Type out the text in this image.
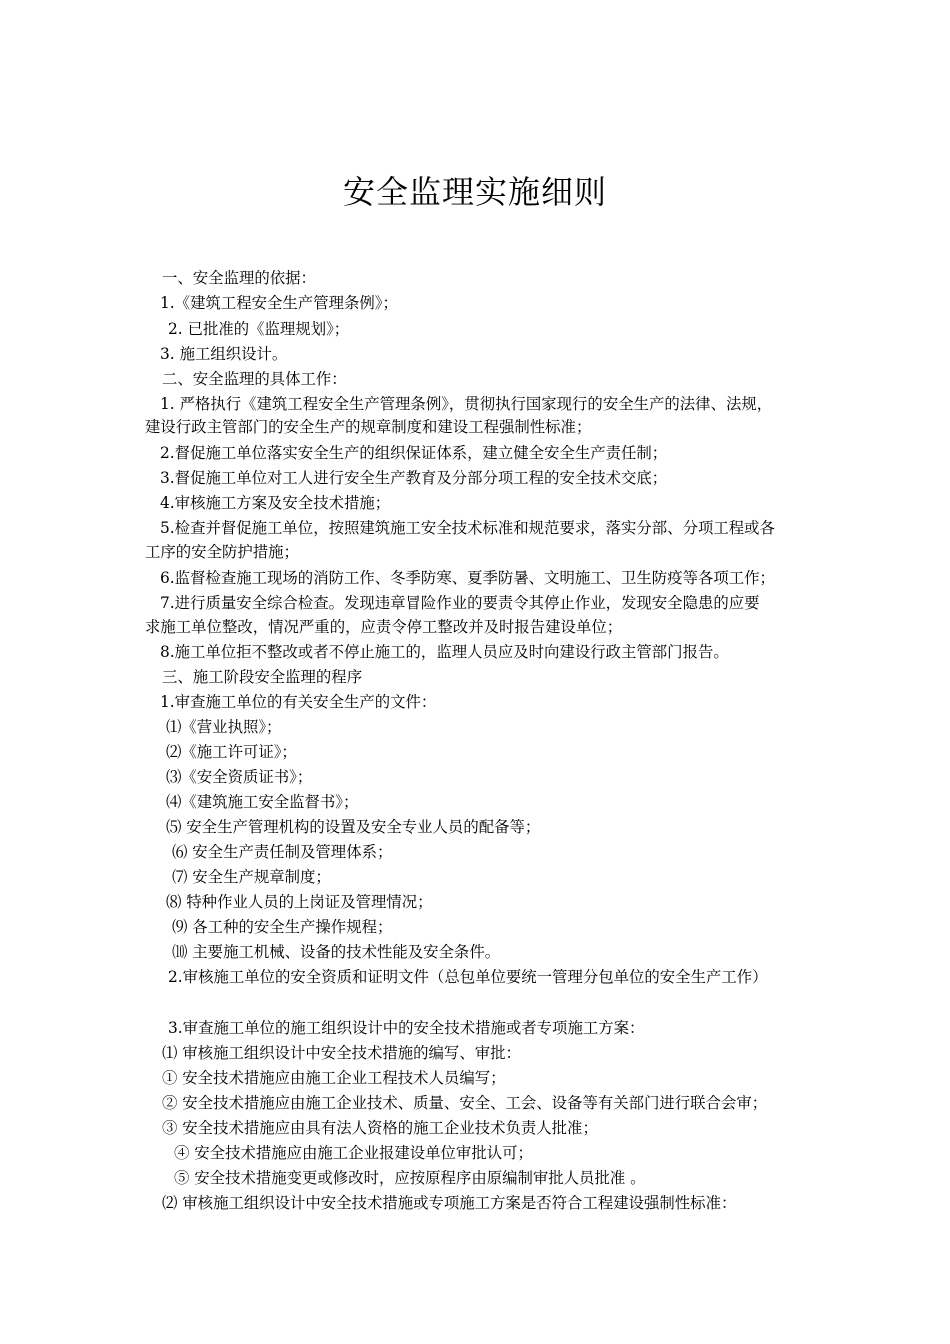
安全监理实施细则
一、安全监理的依据：
1.《建筑工程安全生产管理条例》；
2. 已批准的《监理规划》；
3. 施工组织设计。
二、安全监理的具体工作：
1. 严格执行《建筑工程安全生产管理条例》，贯彻执行国家现行的安全生产的法律、法规，
建设行政主管部门的安全生产的规章制度和建设工程强制性标准；
2.督促施工单位落实安全生产的组织保证体系，建立健全安全生产责任制；
3.督促施工单位对工人进行安全生产教育及分部分项工程的安全技术交底；
4.审核施工方案及安全技术措施；
5.检查并督促施工单位，按照建筑施工安全技术标准和规范要求，落实分部、分项工程或各
工序的安全防护措施；
6.监督检查施工现场的消防工作、冬季防寒、夏季防暑、文明施工、卫生防疫等各项工作；
7.进行质量安全综合检查。发现违章冒险作业的要责令其停止作业，发现安全隐患的应要
求施工单位整改，情况严重的，应责令停工整改并及时报告建设单位；
8.施工单位拒不整改或者不停止施工的，监理人员应及时向建设行政主管部门报告。
三、施工阶段安全监理的程序
1.审查施工单位的有关安全生产的文件：
⑴《营业执照》；
⑵《施工许可证》；
⑶《安全资质证书》；
⑷《建筑施工安全监督书》；
⑸ 安全生产管理机构的设置及安全专业人员的配备等；
⑹ 安全生产责任制及管理体系；
⑺ 安全生产规章制度；
⑻ 特种作业人员的上岗证及管理情况；
⑼ 各工种的安全生产操作规程；
⑽ 主要施工机械、设备的技术性能及安全条件。
2.审核施工单位的安全资质和证明文件（总包单位要统一管理分包单位的安全生产工作）
3.审查施工单位的施工组织设计中的安全技术措施或者专项施工方案：
⑴ 审核施工组织设计中安全技术措施的编写、审批：
① 安全技术措施应由施工企业工程技术人员编写；
② 安全技术措施应由施工企业技术、质量、安全、工会、设备等有关部门进行联合会审；
③ 安全技术措施应由具有法人资格的施工企业技术负责人批准；
④ 安全技术措施应由施工企业报建设单位审批认可；
⑤ 安全技术措施变更或修改时，应按原程序由原编制审批人员批准 。
⑵ 审核施工组织设计中安全技术措施或专项施工方案是否符合工程建设强制性标准：
